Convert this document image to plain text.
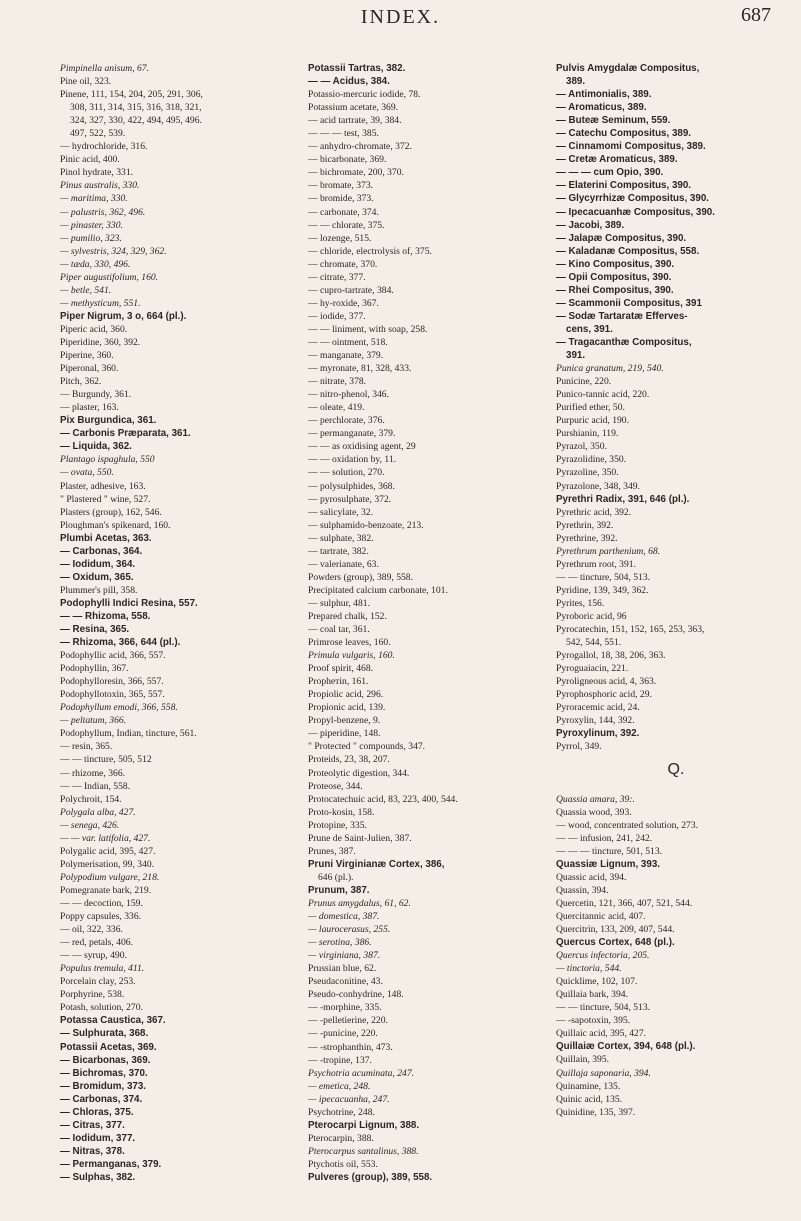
INDEX.	687
Pimpinella anisum, 67.
Pine oil, 323.
Pinene, 111, 154, 204, 205, 291, 306,
308, 311, 314, 315, 316, 318, 321,
324, 327, 330, 422, 494, 495, 496.
497, 522, 539.
— hydrochloride, 316.
Pinic acid, 400.
Pinol hydrate, 331.
Pinus australis, 330.
— maritima, 330.
— palustris, 362, 496.
— pinaster, 330.
— pumilio, 323.
— sylvestris, 324, 329, 362.
— tæda, 330, 496.
Piper augustifolium, 160.
— betle, 541.
— methysticum, 551.
Piper Nigrum, 3 o, 664 (pl.).
Piperic acid, 360.
Piperidine, 360, 392.
Piperine, 360.
Piperonal, 360.
Pitch, 362.
— Burgundy, 361.
— plaster, 163.
Pix Burgundica, 361.
— Carbonis Præparata, 361.
— Liquida, 362.
Plantago ispaghula, 550
— ovata, 550.
Plaster, adhesive, 163.
" Plastered " wine, 527.
Plasters (group), 162, 546.
Ploughman's spikenard, 160.
Plumbi Acetas, 363.
— Carbonas, 364.
— Iodidum, 364.
— Oxidum, 365.
Plummer's pill, 358.
Podophylli Indici Resina, 557.
— — Rhizoma, 558.
— Resina, 365.
— Rhizoma, 366, 644 (pl.).
Podophyllic acid, 366, 557.
Podophyllin, 367.
Podophylloresin, 366, 557.
Podophyllotoxin, 365, 557.
Podophyllum emodi, 366, 558.
— peltatum, 366.
Podophyllum, Indian, tincture, 561.
— resin, 365.
— — tincture, 505, 512
— rhizome, 366.
— — Indian, 558.
Polychroit, 154.
Polygala alba, 427.
— senega, 426.
— — var. latifolia, 427.
Polygalic acid, 395, 427.
Polymerisation, 99, 340.
Polypodium vulgare, 218.
Pomegranate bark, 219.
— — decoction, 159.
Poppy capsules, 336.
— oil, 322, 336.
— red, petals, 406.
— — syrup, 490.
Populus tremula, 411.
Porcelain clay, 253.
Porphyrine, 538.
Potash, solution, 270.
Potassa Caustica, 367.
— Sulphurata, 368.
Potassii Acetas, 369.
— Bicarbonas, 369.
— Bichromas, 370.
— Bromidum, 373.
— Carbonas, 374.
— Chloras, 375.
— Citras, 377.
— Iodidum, 377.
— Nitras, 378.
— Permanganas, 379.
— Sulphas, 382.
Potassii Tartras, 382.
— — Acidus, 384.
Potassio-mercuric iodide, 78.
Potassium acetate, 369.
— acid tartrate, 39, 384.
— — — test, 385.
— anhydro-chromate, 372.
— bicarbonate, 369.
— bichromate, 200, 370.
— bromate, 373.
— bromide, 373.
— carbonate, 374.
— — chlorate, 375.
— lozenge, 515.
— chloride, electrolysis of, 375.
— chromate, 370.
— citrate, 377.
— cupro-tartrate, 384.
— hy-roxide, 367.
— iodide, 377.
— — liniment, with soap, 258.
— — ointment, 518.
— manganate, 379.
— myronate, 81, 328, 433.
— nitrate, 378.
— nitro-phenol, 346.
— oleate, 419.
— perchlorate, 376.
— permanganate, 379.
— — as oxidising agent, 29
— — oxidation by, 11.
— — solution, 270.
— polysulphides, 368.
— pyrosulphate, 372.
— salicylate, 32.
— sulphamido-benzoate, 213.
— sulphate, 382.
— tartrate, 382.
— valerianate, 63.
Powders (group), 389, 558.
Precipitated calcium carbonate, 101.
— sulphur, 481.
Prepared chalk, 152.
— coal tar, 361.
Primrose leaves, 160.
Primula vulgaris, 160.
Proof spirit, 468.
Propheтin, 161.
Propiolic acid, 296.
Propionic acid, 139.
Propyl-benzene, 9.
— piperidine, 148.
" Protected " compounds, 347.
Proteids, 23, 38, 207.
Proteolytic digestion, 344.
Proteose, 344.
Protocatechuic acid, 83, 223, 400, 544.
Proto-kosin, 158.
Protopine, 335.
Prune de Saint-Julien, 387.
Prunes, 387.
Pruni Virginianæ Cortex, 386,
646 (pl.).
Prunum, 387.
Prunus amygdalus, 61, 62.
— domestica, 387.
— laurocerasus, 255.
— serotina, 386.
— virginiana, 387.
Prussian blue, 62.
Pseudaconitine, 43.
Pseudo-conhydrine, 148.
— -morphine, 335.
— -pelletierine, 220.
— -punicine, 220.
— -strophanthin, 473.
— -tropine, 137.
Psychotria acuminata, 247.
— emetica, 248.
— ipecacuanha, 247.
Psychotrine, 248.
Pterocarpi Lignum, 388.
Pterocarpin, 388.
Pterocarpus santalinus, 388.
Ptychotis oil, 553.
Pulveres (group), 389, 558.
Pulvis Amygdalæ Compositus,
389.
— Antimonialis, 389.
— Aromaticus, 389.
— Buteæ Seminum, 559.
— Catechu Compositus, 389.
— Cinnamomi Compositus, 389.
— Cretæ Aromaticus, 389.
— — — cum Opio, 390.
— Elaterini Compositus, 390.
— Glycyrrhizæ Compositus, 390.
— Ipecacuanhæ Compositus, 390.
— Jacobi, 389.
— Jalapæ Compositus, 390.
— Kaladanæ Compositus, 558.
— Kino Compositus, 390.
— Opii Compositus, 390.
— Rhei Compositus, 390.
— Scammonii Compositus, 391
— Sodæ Tartaratæ Efferves-
cens, 391.
— Tragacanthæ Compositus,
391.
Punica granatum, 219, 540.
Punicine, 220.
Punico-tannic acid, 220.
Purified ether, 50.
Purpuric acid, 190.
Purshianin, 119.
Pyrazol, 350.
Pyrazolidine, 350.
Pyrazoline, 350.
Pyrazolone, 348, 349.
Pyrethri Radix, 391, 646 (pl.).
Pyrethric acid, 392.
Pyrethrin, 392.
Pyrethrine, 392.
Pyrethrum parthenium, 68.
Pyrethrum root, 391.
— — tincture, 504, 513.
Pyridine, 139, 349, 362.
Pyrites, 156.
Pyroboric acid, 96
Pyrocatechin, 151, 152, 165, 253, 363,
542, 544, 551.
Pyrogallol, 18, 38, 206, 363.
Pyroguaiacin, 221.
Pyroligneous acid, 4, 363.
Pyrophosphoric acid, 29.
Pyroracemic acid, 24.
Pyroxylin, 144, 392.
Pyroxylinum, 392.
Pyrrol, 349.
Q.
Quassia amara, 39:.
Quassia wood, 393.
— wood, concentrated solution, 273.
— — infusion, 241, 242.
— — — tincture, 501, 513.
Quassiæ Lignum, 393.
Quassic acid, 394.
Quassin, 394.
Quercetin, 121, 366, 407, 521, 544.
Quercitannic acid, 407.
Quercitrin, 133, 209, 407, 544.
Quercus Cortex, 648 (pl.).
Quercus infectoria, 205.
— tinctoria, 544.
Quicklime, 102, 107.
Quillaia bark, 394.
— — tincture, 504, 513.
— -sapotoxin, 395.
Quillaic acid, 395, 427.
Quillaiæ Cortex, 394, 648 (pl.).
Quillain, 395.
Quillaja saponaria, 394.
Quinamine, 135.
Quinic acid, 135.
Quinidine, 135, 397.
